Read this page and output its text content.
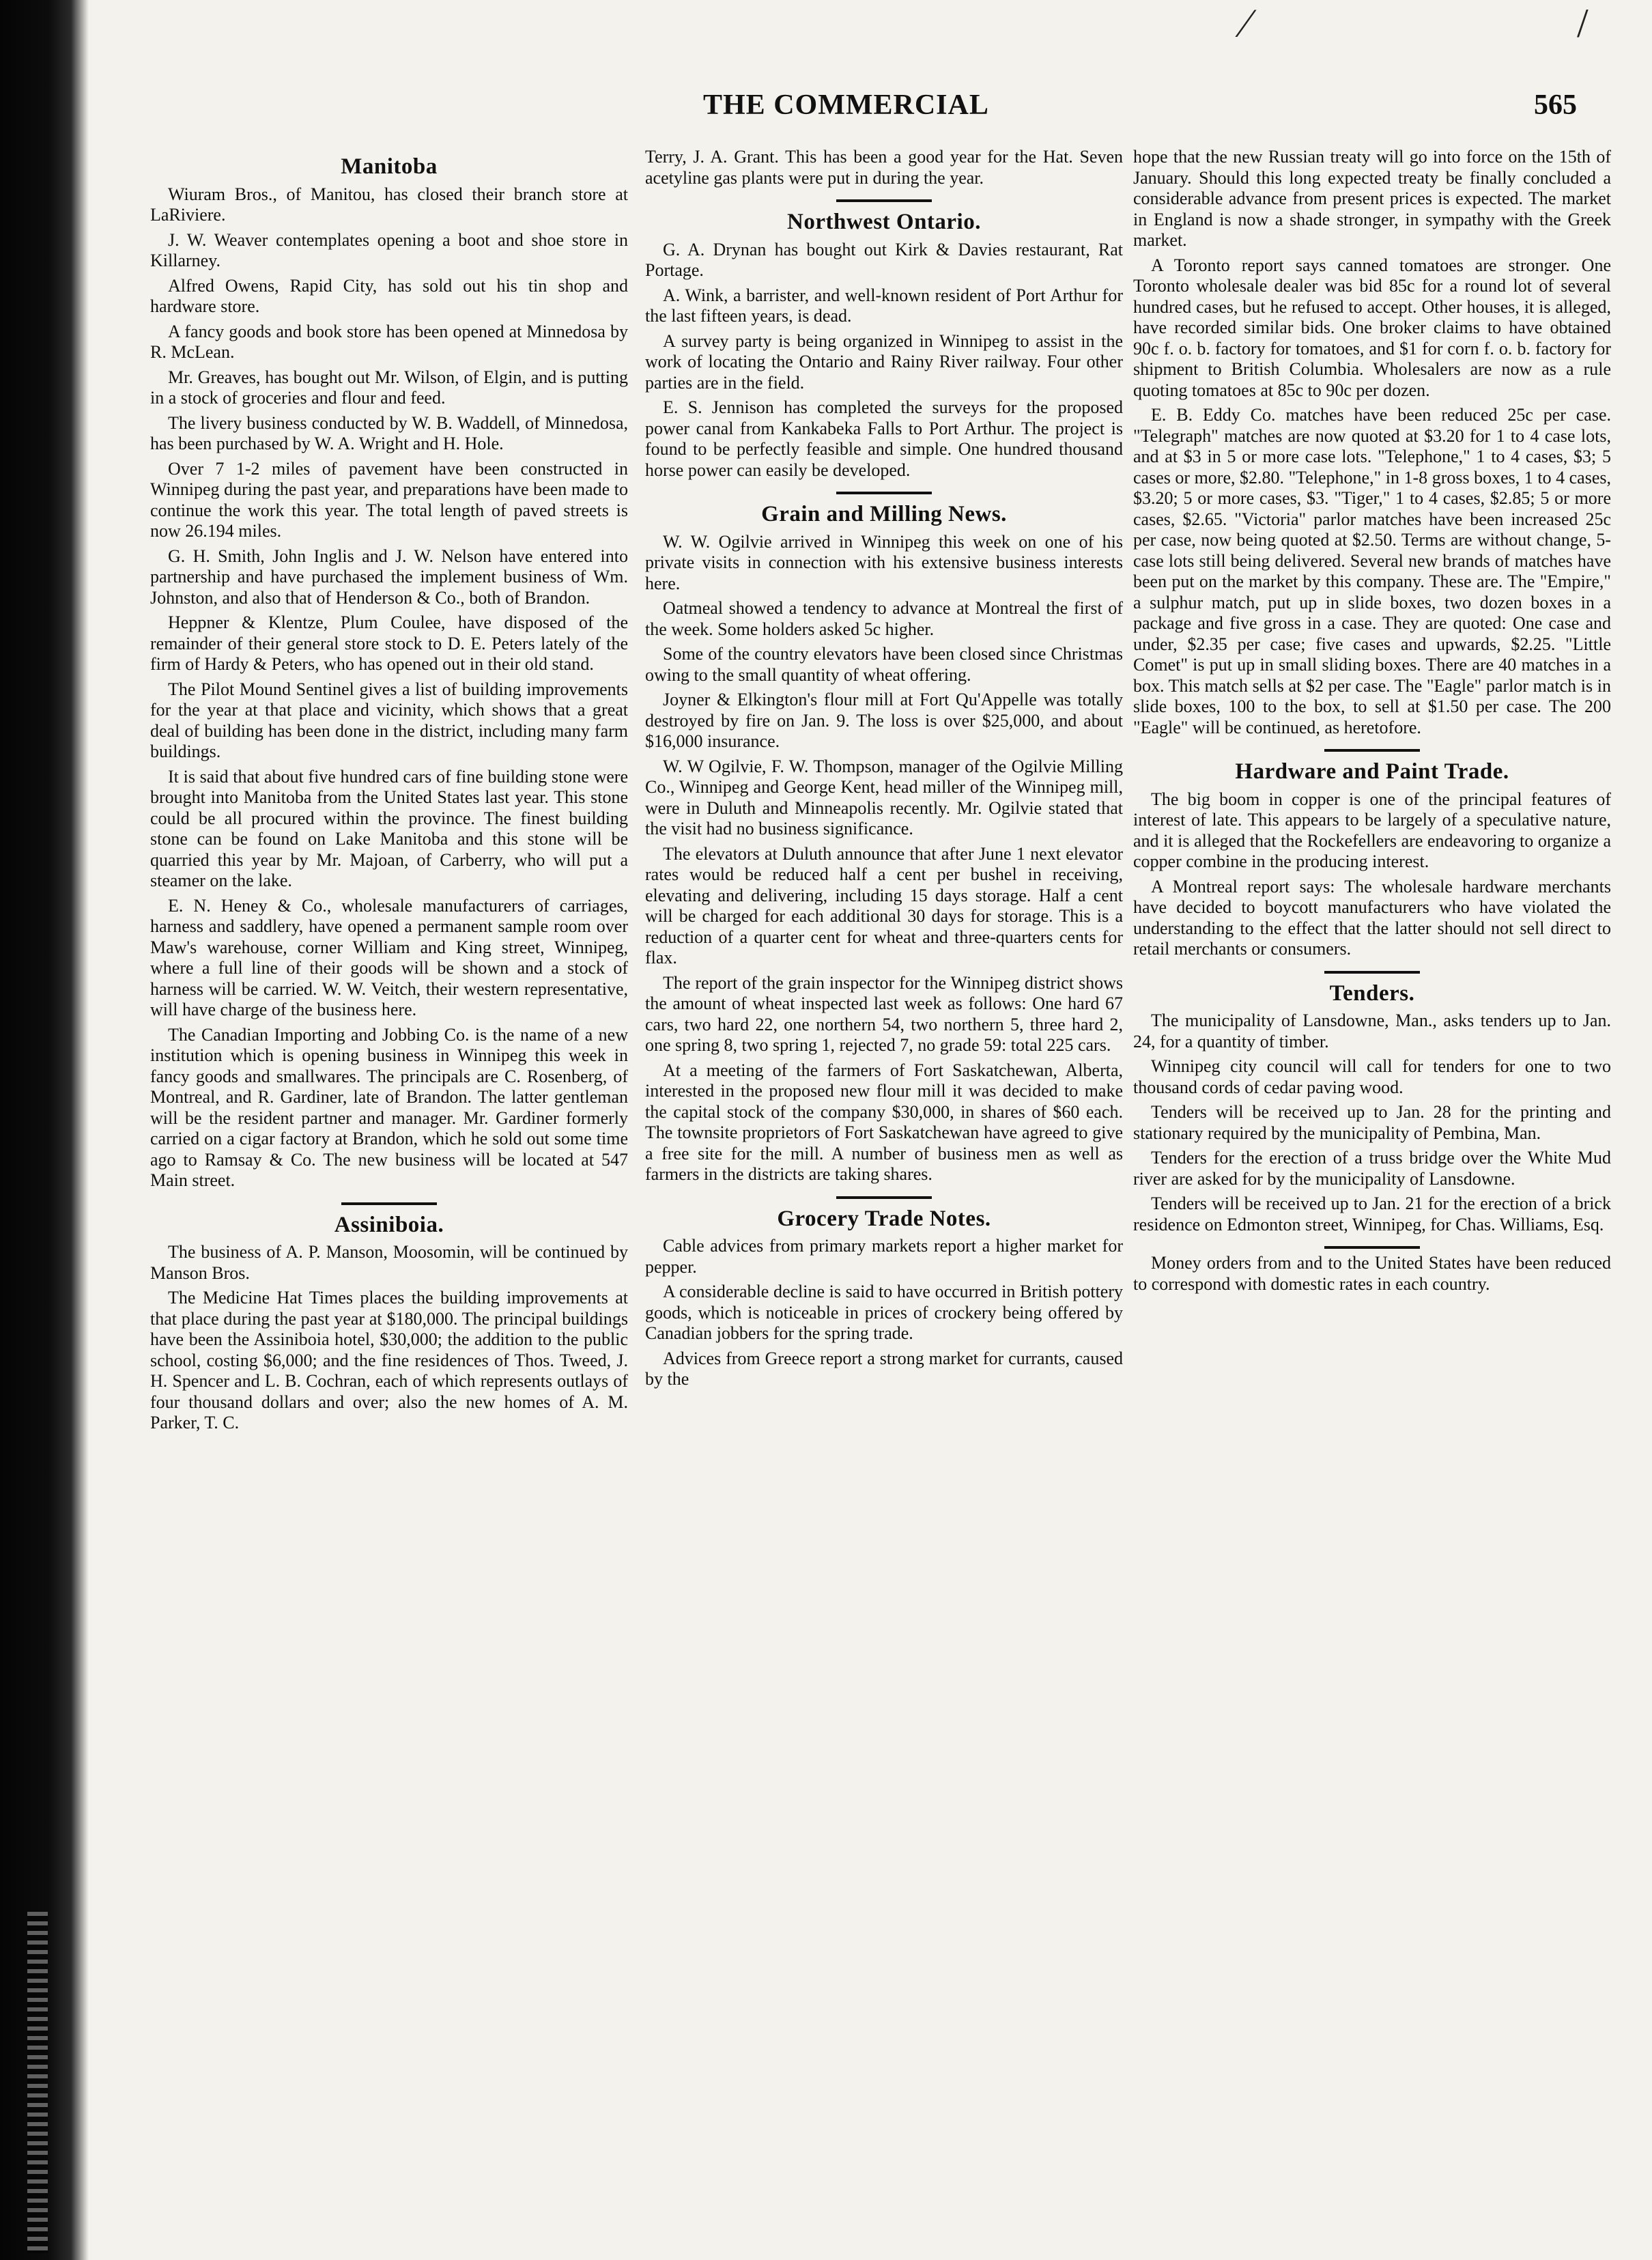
⁄	/
THE COMMERCIAL	565
Manitoba

Wiuram Bros., of Manitou, has closed their branch store at LaRiviere.

J. W. Weaver contemplates opening a boot and shoe store in Killarney.

Alfred Owens, Rapid City, has sold out his tin shop and hardware store.

A fancy goods and book store has been opened at Minnedosa by R. McLean.

Mr. Greaves, has bought out Mr. Wilson, of Elgin, and is putting in a stock of groceries and flour and feed.

The livery business conducted by W. B. Waddell, of Minnedosa, has been purchased by W. A. Wright and H. Hole.

Over 7 1-2 miles of pavement have been constructed in Winnipeg during the past year, and preparations have been made to continue the work this year. The total length of paved streets is now 26.194 miles.

G. H. Smith, John Inglis and J. W. Nelson have entered into partnership and have purchased the implement business of Wm. Johnston, and also that of Henderson & Co., both of Brandon.

Heppner & Klentze, Plum Coulee, have disposed of the remainder of their general store stock to D. E. Peters lately of the firm of Hardy & Peters, who has opened out in their old stand.

The Pilot Mound Sentinel gives a list of building improvements for the year at that place and vicinity, which shows that a great deal of building has been done in the district, including many farm buildings.

It is said that about five hundred cars of fine building stone were brought into Manitoba from the United States last year. This stone could be all procured within the province. The finest building stone can be found on Lake Manitoba and this stone will be quarried this year by Mr. Majoan, of Carberry, who will put a steamer on the lake.

E. N. Heney & Co., wholesale manufacturers of carriages, harness and saddlery, have opened a permanent sample room over Maw's warehouse, corner William and King street, Winnipeg, where a full line of their goods will be shown and a stock of harness will be carried. W. W. Veitch, their western representative, will have charge of the business here.

The Canadian Importing and Jobbing Co. is the name of a new institution which is opening business in Winnipeg this week in fancy goods and smallwares. The principals are C. Rosenberg, of Montreal, and R. Gardiner, late of Brandon. The latter gentleman will be the resident partner and manager. Mr. Gardiner formerly carried on a cigar factory at Brandon, which he sold out some time ago to Ramsay & Co. The new business will be located at 547 Main street.

Assiniboia.

The business of A. P. Manson, Moosomin, will be continued by Manson Bros.

The Medicine Hat Times places the building improvements at that place during the past year at $180,000. The principal buildings have been the Assiniboia hotel, $30,000; the addition to the public school, costing $6,000; and the fine residences of Thos. Tweed, J. H. Spencer and L. B. Cochran, each of which represents outlays of four thousand dollars and over; also the new homes of A. M. Parker, T. C.

Terry, J. A. Grant. This has been a good year for the Hat. Seven acetyline gas plants were put in during the year.

Northwest Ontario.

G. A. Drynan has bought out Kirk & Davies restaurant, Rat Portage.

A. Wink, a barrister, and well-known resident of Port Arthur for the last fifteen years, is dead.

A survey party is being organized in Winnipeg to assist in the work of locating the Ontario and Rainy River railway. Four other parties are in the field.

E. S. Jennison has completed the surveys for the proposed power canal from Kankabeka Falls to Port Arthur. The project is found to be perfectly feasible and simple. One hundred thousand horse power can easily be developed.

Grain and Milling News.

W. W. Ogilvie arrived in Winnipeg this week on one of his private visits in connection with his extensive business interests here.

Oatmeal showed a tendency to advance at Montreal the first of the week. Some holders asked 5c higher.

Some of the country elevators have been closed since Christmas owing to the small quantity of wheat offering.

Joyner & Elkington's flour mill at Fort Qu'Appelle was totally destroyed by fire on Jan. 9. The loss is over $25,000, and about $16,000 insurance.

W. W Ogilvie, F. W. Thompson, manager of the Ogilvie Milling Co., Winnipeg and George Kent, head miller of the Winnipeg mill, were in Duluth and Minneapolis recently. Mr. Ogilvie stated that the visit had no business significance.

The elevators at Duluth announce that after June 1 next elevator rates would be reduced half a cent per bushel in receiving, elevating and delivering, including 15 days storage. Half a cent will be charged for each additional 30 days for storage. This is a reduction of a quarter cent for wheat and three-quarters cents for flax.

The report of the grain inspector for the Winnipeg district shows the amount of wheat inspected last week as follows: One hard 67 cars, two hard 22, one northern 54, two northern 5, three hard 2, one spring 8, two spring 1, rejected 7, no grade 59: total 225 cars.

At a meeting of the farmers of Fort Saskatchewan, Alberta, interested in the proposed new flour mill it was decided to make the capital stock of the company $30,000, in shares of $60 each. The townsite proprietors of Fort Saskatchewan have agreed to give a free site for the mill. A number of business men as well as farmers in the districts are taking shares.

Grocery Trade Notes.

Cable advices from primary markets report a higher market for pepper.

A considerable decline is said to have occurred in British pottery goods, which is noticeable in prices of crockery being offered by Canadian jobbers for the spring trade.

Advices from Greece report a strong market for currants, caused by the

hope that the new Russian treaty will go into force on the 15th of January. Should this long expected treaty be finally concluded a considerable advance from present prices is expected. The market in England is now a shade stronger, in sympathy with the Greek market.

A Toronto report says canned tomatoes are stronger. One Toronto wholesale dealer was bid 85c for a round lot of several hundred cases, but he refused to accept. Other houses, it is alleged, have recorded similar bids. One broker claims to have obtained 90c f. o. b. factory for tomatoes, and $1 for corn f. o. b. factory for shipment to British Columbia. Wholesalers are now as a rule quoting tomatoes at 85c to 90c per dozen.

E. B. Eddy Co. matches have been reduced 25c per case. "Telegraph" matches are now quoted at $3.20 for 1 to 4 case lots, and at $3 in 5 or more case lots. "Telephone," 1 to 4 cases, $3; 5 cases or more, $2.80. "Telephone," in 1-8 gross boxes, 1 to 4 cases, $3.20; 5 or more cases, $3. "Tiger," 1 to 4 cases, $2.85; 5 or more cases, $2.65. "Victoria" parlor matches have been increased 25c per case, now being quoted at $2.50. Terms are without change, 5-case lots still being delivered. Several new brands of matches have been put on the market by this company. These are. The "Empire," a sulphur match, put up in slide boxes, two dozen boxes in a package and five gross in a case. They are quoted: One case and under, $2.35 per case; five cases and upwards, $2.25. "Little Comet" is put up in small sliding boxes. There are 40 matches in a box. This match sells at $2 per case. The "Eagle" parlor match is in slide boxes, 100 to the box, to sell at $1.50 per case. The 200 "Eagle" will be continued, as heretofore.

Hardware and Paint Trade.

The big boom in copper is one of the principal features of interest of late. This appears to be largely of a speculative nature, and it is alleged that the Rockefellers are endeavoring to organize a copper combine in the producing interest.

A Montreal report says: The wholesale hardware merchants have decided to boycott manufacturers who have violated the understanding to the effect that the latter should not sell direct to retail merchants or consumers.

Tenders.

The municipality of Lansdowne, Man., asks tenders up to Jan. 24, for a quantity of timber.

Winnipeg city council will call for tenders for one to two thousand cords of cedar paving wood.

Tenders will be received up to Jan. 28 for the printing and stationary required by the municipality of Pembina, Man.

Tenders for the erection of a truss bridge over the White Mud river are asked for by the municipality of Lansdowne.

Tenders will be received up to Jan. 21 for the erection of a brick residence on Edmonton street, Winnipeg, for Chas. Williams, Esq.

Money orders from and to the United States have been reduced to correspond with domestic rates in each country.
